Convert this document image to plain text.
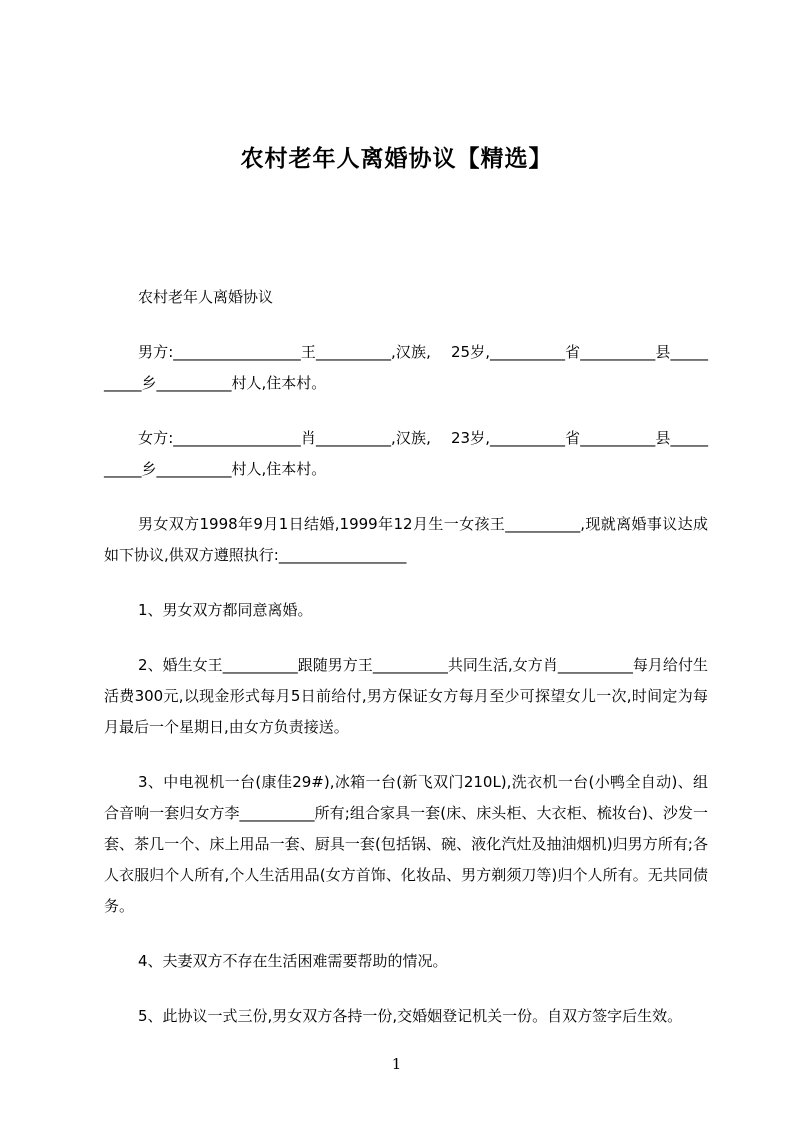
农村老年人离婚协议【精选】

农村老年人离婚协议

男方:_________________王__________,汉族,　 25岁,__________省__________县__________乡__________村人,住本村。

女方:_________________肖__________,汉族,　 23岁,__________省__________县__________乡__________村人,住本村。

男女双方1998年9月1日结婚,1999年12月生一女孩王__________,现就离婚事议达成如下协议,供双方遵照执行:_________________

1、男女双方都同意离婚。

2、婚生女王__________跟随男方王__________共同生活,女方肖__________每月给付生活费300元,以现金形式每月5日前给付,男方保证女方每月至少可探望女儿一次,时间定为每月最后一个星期日,由女方负责接送。

3、中电视机一台(康佳29#),冰箱一台(新飞双门210L),洗衣机一台(小鸭全自动)、组合音响一套归女方李__________所有;组合家具一套(床、床头柜、大衣柜、梳妆台)、沙发一套、茶几一个、床上用品一套、厨具一套(包括锅、碗、液化汽灶及抽油烟机)归男方所有;各人衣服归个人所有,个人生活用品(女方首饰、化妆品、男方剃须刀等)归个人所有。无共同债务。

4、夫妻双方不存在生活困难需要帮助的情况。

5、此协议一式三份,男女双方各持一份,交婚姻登记机关一份。自双方签字后生效。

1
